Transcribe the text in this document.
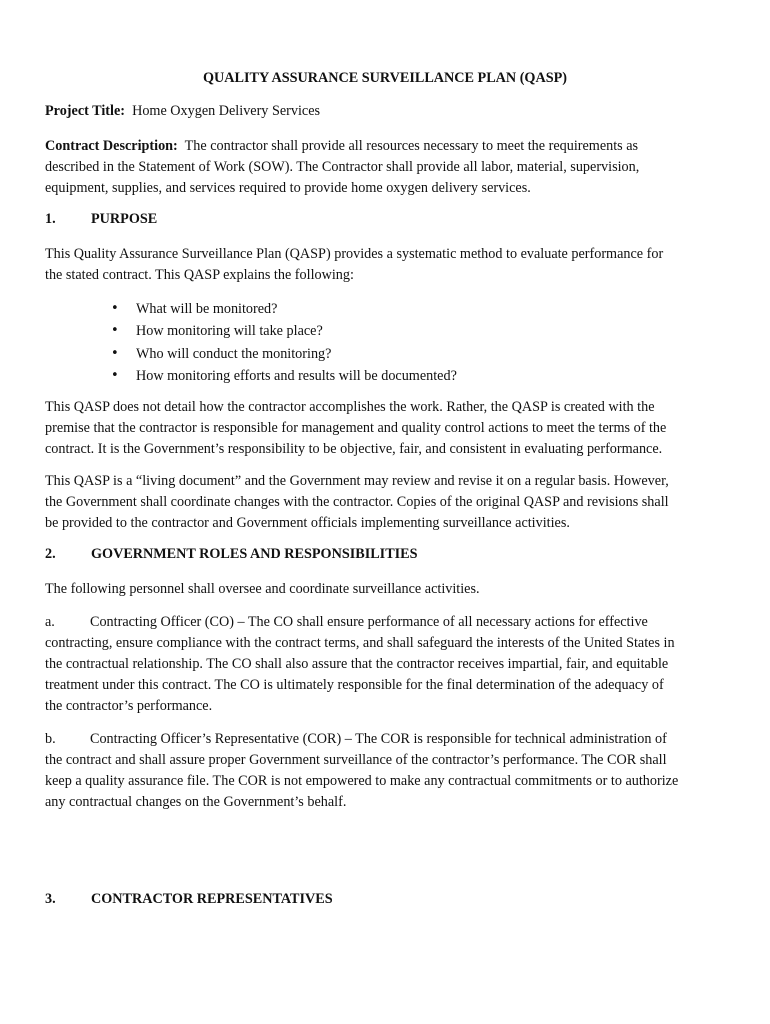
QUALITY ASSURANCE SURVEILLANCE PLAN (QASP)
Project Title: Home Oxygen Delivery Services
Contract Description: The contractor shall provide all resources necessary to meet the requirements as
described in the Statement of Work (SOW). The Contractor shall provide all labor, material, supervision,
equipment, supplies, and services required to provide home oxygen delivery services.
1. PURPOSE
This Quality Assurance Surveillance Plan (QASP) provides a systematic method to evaluate performance for
the stated contract. This QASP explains the following:
• What will be monitored?
• How monitoring will take place?
• Who will conduct the monitoring?
• How monitoring efforts and results will be documented?
This QASP does not detail how the contractor accomplishes the work. Rather, the QASP is created with the
premise that the contractor is responsible for management and quality control actions to meet the terms of the
contract. It is the Government’s responsibility to be objective, fair, and consistent in evaluating performance.
This QASP is a “living document” and the Government may review and revise it on a regular basis. However,
the Government shall coordinate changes with the contractor. Copies of the original QASP and revisions shall
be provided to the contractor and Government officials implementing surveillance activities.
2. GOVERNMENT ROLES AND RESPONSIBILITIES
The following personnel shall oversee and coordinate surveillance activities.
a. Contracting Officer (CO) – The CO shall ensure performance of all necessary actions for effective
contracting, ensure compliance with the contract terms, and shall safeguard the interests of the United States in
the contractual relationship. The CO shall also assure that the contractor receives impartial, fair, and equitable
treatment under this contract. The CO is ultimately responsible for the final determination of the adequacy of
the contractor’s performance.
b. Contracting Officer’s Representative (COR) – The COR is responsible for technical administration of
the contract and shall assure proper Government surveillance of the contractor’s performance. The COR shall
keep a quality assurance file. The COR is not empowered to make any contractual commitments or to authorize
any contractual changes on the Government’s behalf.
3. CONTRACTOR REPRESENTATIVES
